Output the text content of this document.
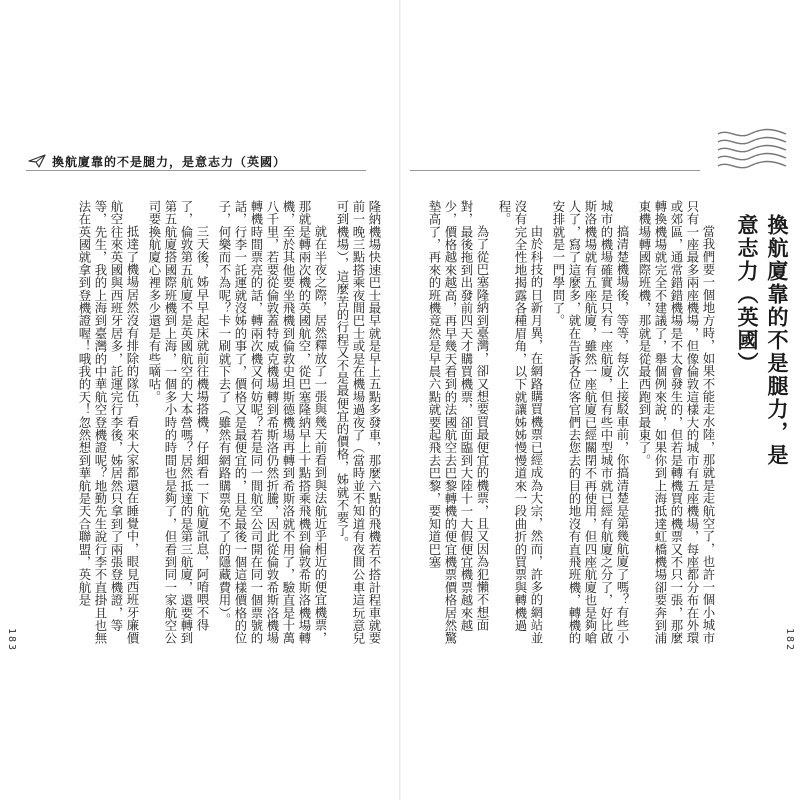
換航廈靠的不是腿力，是意志力（英國）
換航廈靠的不是腿力，是意志力（英國）

當我們要一個地方時，如果不能走水陸，那就是走航空了，也許一個小城市只有一座最多兩座機場，但像倫敦這樣大的城市有五座機場，每座都分布在外環或郊區，通常錯錯機場是不太會發生的，但若是轉機買的機票又不只一張，那麼轉換機場就完全不建議了，舉個例來說，如果你到上海抵達虹橋機場卻要奔到浦東機場轉國際班機，那就是從最西跑到最東了。

搞清楚機場後，等等，每次上接駁車前，你搞清楚是第幾航廈了嗎？有些小城市的機場確實是只有一座航廈，但有些中型城市就已經有航廈之分了，好比啟斯洛機場就有五座航廈，雖然一座航廈已經關閉不再使用，但四座航廈也是夠嗆人了，寫了這麼多，就在告訴各位客官們去您去的目的地沒有直飛班機，轉機的安排就是一門學問了。

由於科技的日新月異，在網路購買機票已經成為大宗，然而，許多的網站並沒有完全性地揭露各種眉角，以下就讓姊姊慢慢道來一段曲折的買票與轉機過程。

為了從巴塞隆納到臺灣，卻又想要買最便宜的機票，且又因為犯懶不想面對，最後拖到出發前四天才購買機票，卻面臨到大陸十一大假便宜機票越來越少，價格越來越高，再早幾天看到的法國航空去巴黎轉機的便宜機票價格居然驚墊高了，再來的班機竟然是早晨六點就要起飛去巴黎，要知道巴塞

隆納機場快速巴士最早就是早上五點多發車，那麼六點的飛機若不搭計程車就要前一晚三點搭乘夜間巴士或是在機場過夜了（當時並不知道有夜間公車這玩意兒可到機場），這麼苦的行程又不是最便宜的價格，姊就不要了。

就在半夜之際，居然釋放了一張與幾天前看到與法航近乎相近的便宜機票，那就是轉兩次機的英國航空，從巴塞隆納早上十點搭乘飛機到倫敦希斯洛機場轉機，至於其他要坐飛機到倫敦史坦斯德機場再轉到希斯洛就不用了，驗直是十萬八千里，若要從倫敦蓋特威克機場轉到希斯洛仍然折騰，因此從倫敦希斯洛機場轉機時間票亮的話，轉兩次機又何妨呢？若是同一間航空公司開在同一個票號的話，行李一託運就沒姊的事了，價格又是最便宜的，且是最後一個這樣價格的位子，何樂而不為呢？卡一刷就下去了（雖然有網路購票免不了的隱藏費用）。

三天後，姊早早起床就前往機場搭機，仔細看一下航廈訊息，阿唷喂不得了，倫敦第五航廈不是英國航空的大本營嗎？居然抵達的是第三航廈，還要轉到第五航廈搭國際班機到上海，一個多小時的時間也是夠了，但看到同一家航空公司要換航廈心裡多少還是有些嘀咕。

抵達了機場居然沒有排除的隊伍，看來大家都還在睡覺中，眼見西班牙廉價航空往來英國與西班牙居多，託運完行李後，姊居然只拿到了兩張登機證，等等，先生，我的上海到臺灣的中華航空登機證呢？地勤先生說行李不直掛且也無法在英國就拿到登機證喔！哦我的天！忽然想到華航是天合聯盟，英航是

183	182
